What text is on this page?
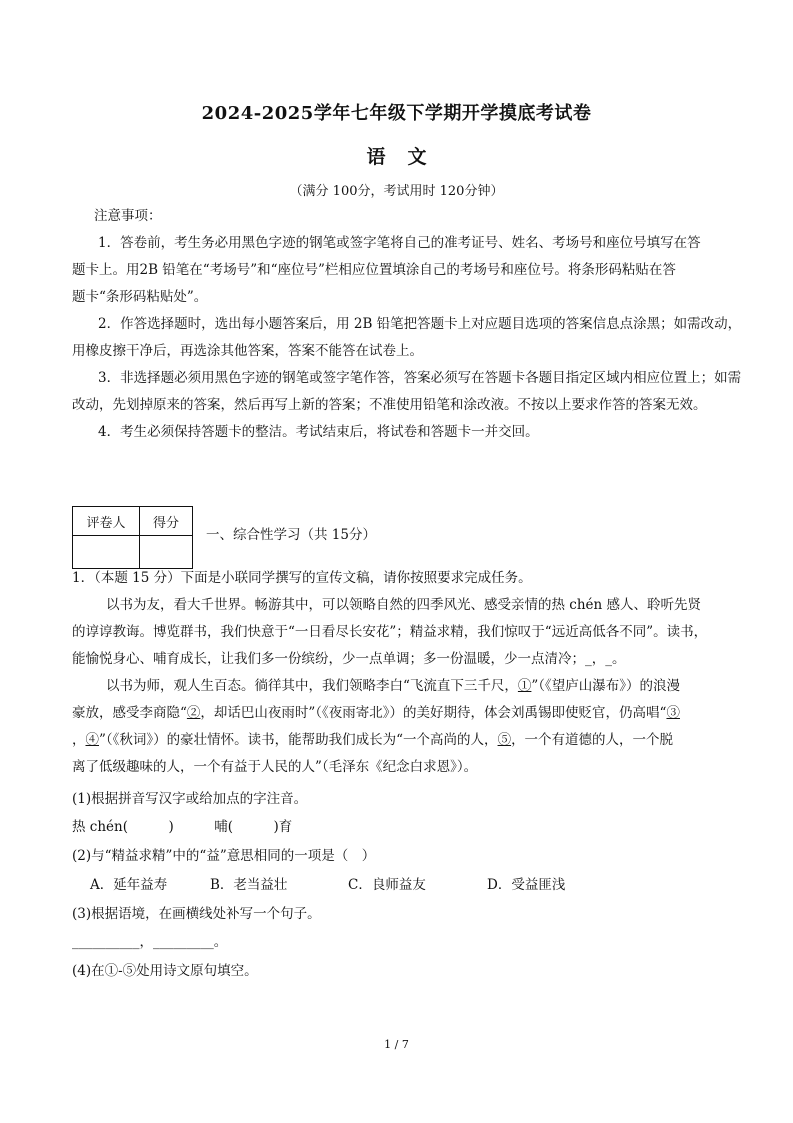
2024-2025学年七年级下学期开学摸底考试卷
语文
（满分 100分，考试用时 120分钟）
注意事项：
1．答卷前，考生务必用黑色字迹的钢笔或签字笔将自己的准考证号、姓名、考场号和座位号填写在答
题卡上。用2B 铅笔在“考场号”和“座位号”栏相应位置填涂自己的考场号和座位号。将条形码粘贴在答
题卡“条形码粘贴处”。
2．作答选择题时，选出每小题答案后，用 2B 铅笔把答题卡上对应题目选项的答案信息点涂黑；如需改动，
用橡皮擦干净后，再选涂其他答案，答案不能答在试卷上。
3．非选择题必须用黑色字迹的钢笔或签字笔作答，答案必须写在答题卡各题目指定区域内相应位置上；如需
改动，先划掉原来的答案，然后再写上新的答案；不准使用铅笔和涂改液。不按以上要求作答的答案无效。
4．考生必须保持答题卡的整洁。考试结束后，将试卷和答题卡一并交回。
评卷人	得分

一、综合性学习（共 15分）
1．（本题 15 分）下面是小联同学撰写的宣传文稿，请你按照要求完成任务。
以书为友，看大千世界。畅游其中，可以领略自然的四季风光、感受亲情的热 chén 感人、聆听先贤
的谆谆教诲。博览群书，我们快意于“一日看尽长安花”；精益求精，我们惊叹于“远近高低各不同”。读书，
能愉悦身心、哺育成长，让我们多一份缤纷，少一点单调；多一份温暖，少一点清冷；_，_。
以书为师，观人生百态。徜徉其中，我们领略李白“飞流直下三千尺，①”（《望庐山瀑布》）的浪漫
豪放，感受李商隐“②，却话巴山夜雨时”（《夜雨寄北》）的美好期待，体会刘禹锡即使贬官，仍高唱“③
，④”（《秋词》）的豪壮情怀。读书，能帮助我们成长为“一个高尚的人，⑤，一个有道德的人，一个脱
离了低级趣味的人，一个有益于人民的人”（毛泽东《纪念白求恩》）。
(1)根据拼音写汉字或给加点的字注音。
热 chén(　　　)　　　哺(　　　)育
(2)与“精益求精”中的“益”意思相同的一项是（　）
A．延年益寿	B．老当益壮	C．良师益友	D．受益匪浅
(3)根据语境，在画横线处补写一个句子。
__________，_________。
(4)在①-⑤处用诗文原句填空。
1 / 7
